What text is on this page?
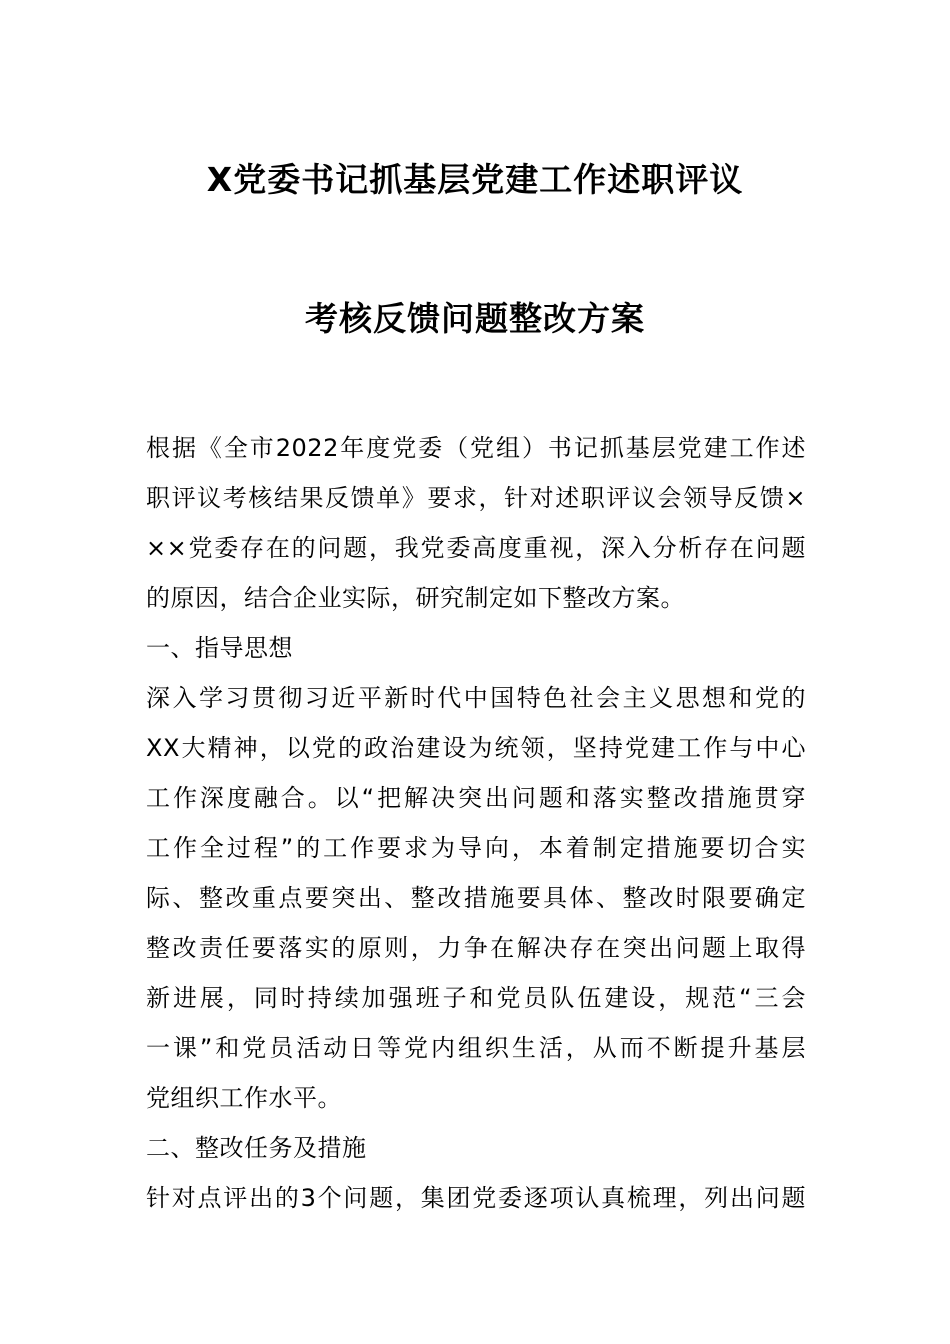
X党委书记抓基层党建工作述职评议
考核反馈问题整改方案
根据《全市2022年度党委（党组）书记抓基层党建工作述
职评议考核结果反馈单》要求，针对述职评议会领导反馈×
××党委存在的问题，我党委高度重视，深入分析存在问题
的原因，结合企业实际，研究制定如下整改方案。
一、指导思想
深入学习贯彻习近平新时代中国特色社会主义思想和党的
XX大精神，以党的政治建设为统领，坚持党建工作与中心
工作深度融合。以“把解决突出问题和落实整改措施贯穿
工作全过程”的工作要求为导向，本着制定措施要切合实
际、整改重点要突出、整改措施要具体、整改时限要确定
整改责任要落实的原则，力争在解决存在突出问题上取得
新进展，同时持续加强班子和党员队伍建设，规范“三会
一课”和党员活动日等党内组织生活，从而不断提升基层
党组织工作水平。
二、整改任务及措施
针对点评出的3个问题，集团党委逐项认真梳理，列出问题
